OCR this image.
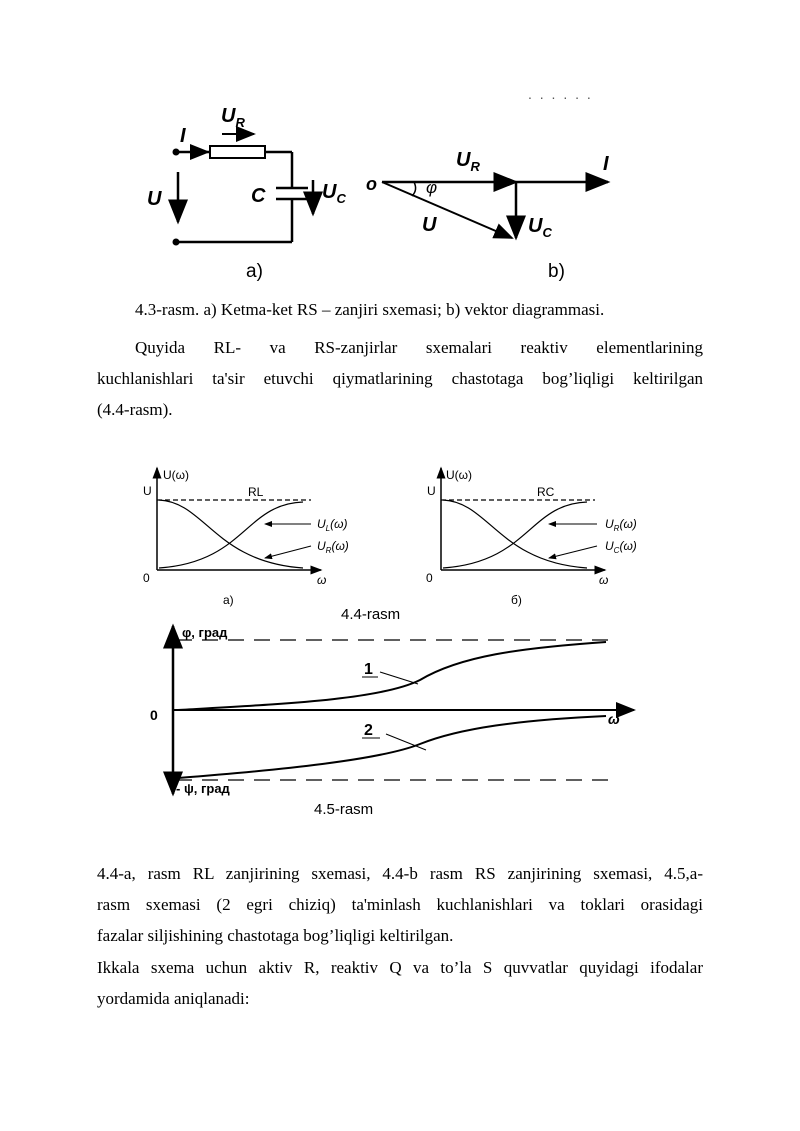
. . . . . .
I
$U_R$
U	C	$U_C$
a)
o	φ
$U_R$	I
U	$U_C$
b)
4.3-rasm. a) Ketma-ket RS – zanjiri sxemasi; b) vektor diagrammasi.
Quyida RL- va RS-zanjirlar sxemalari reaktiv elementlarining
kuchlanishlari ta'sir etuvchi qiymatlarining chastotaga bog’liqligi keltirilgan
(4.4-rasm).
U(ω)
U	RL
$U_L(\omega)$
$U_R(\omega)$
0	ω
a)
U(ω)
U	RC
$U_R(\omega)$
$U_C(\omega)$
0	ω
б)
4.4-rasm
φ, град
- ψ, град
0	ω
1
2
4.5-rasm
4.4-a, rasm RL zanjirining sxemasi, 4.4-b rasm RS zanjirining sxemasi, 4.5,a-
rasm sxemasi (2 egri chiziq) ta'minlash kuchlanishlari va toklari orasidagi
fazalar siljishining chastotaga bog’liqligi keltirilgan.
Ikkala sxema uchun aktiv R, reaktiv Q va to’la S quvvatlar quyidagi ifodalar
yordamida aniqlanadi:
